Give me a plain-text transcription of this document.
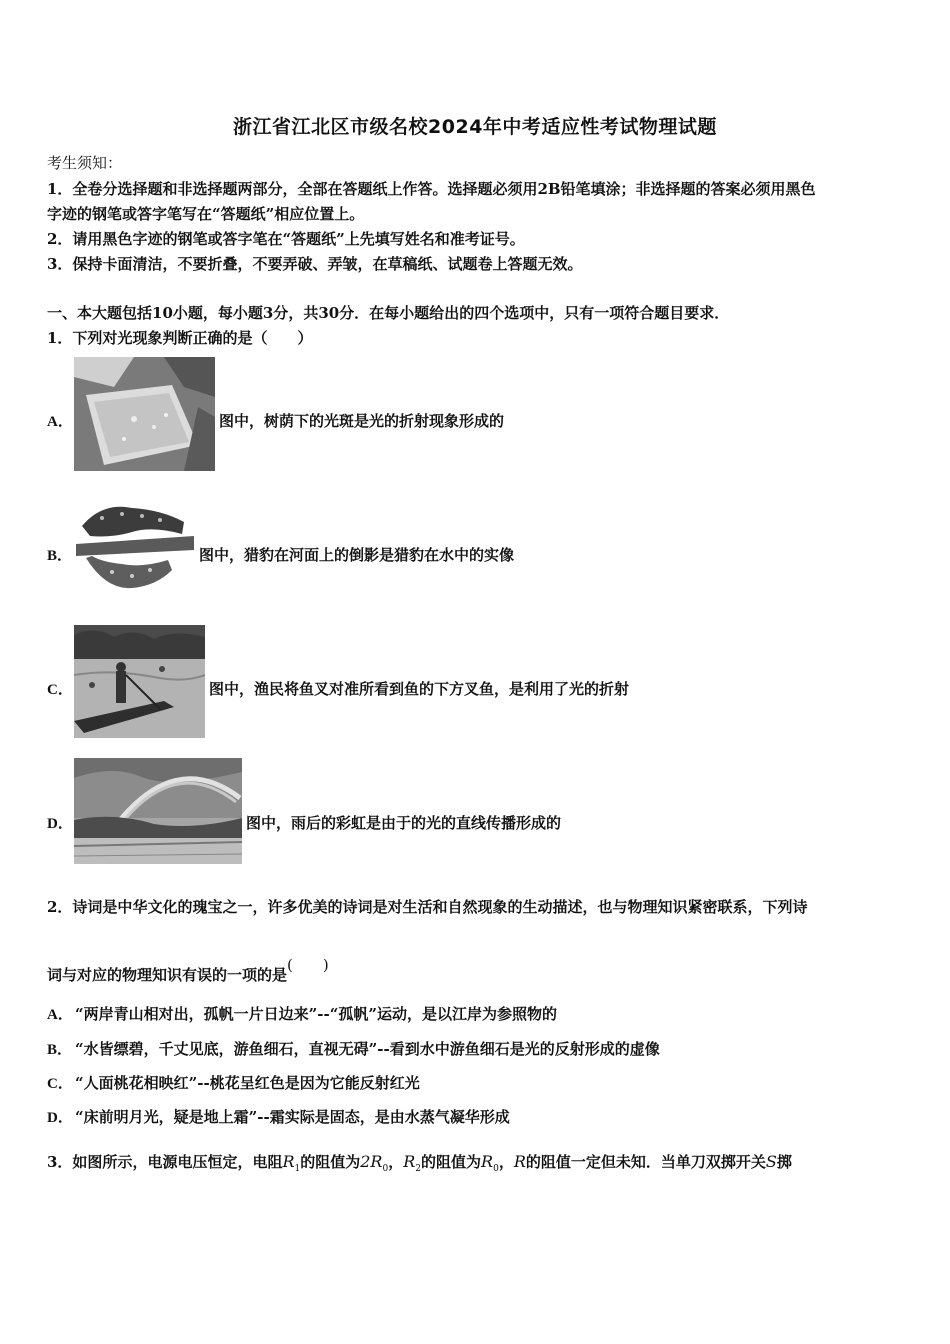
浙江省江北区市级名校2024年中考适应性考试物理试题
考生须知：
1．全卷分选择题和非选择题两部分，全部在答题纸上作答。选择题必须用2B铅笔填涂；非选择题的答案必须用黑色
字迹的钢笔或答字笔写在“答题纸”相应位置上。
2．请用黑色字迹的钢笔或答字笔在“答题纸”上先填写姓名和准考证号。
3．保持卡面清洁，不要折叠，不要弄破、弄皱，在草稿纸、试题卷上答题无效。
一、本大题包括10小题，每小题3分，共30分．在每小题给出的四个选项中，只有一项符合题目要求．
1．下列对光现象判断正确的是（　　）
A．	图中，树荫下的光斑是光的折射现象形成的
B．	图中，猎豹在河面上的倒影是猎豹在水中的实像
C．	图中，渔民将鱼叉对准所看到鱼的下方叉鱼，是利用了光的折射
D．	图中，雨后的彩虹是由于的光的直线传播形成的
2．诗词是中华文化的瑰宝之一，许多优美的诗词是对生活和自然现象的生动描述，也与物理知识紧密联系，下列诗
词与对应的物理知识有误的一项的是(　　)
A． “两岸青山相对出，孤帆一片日边来”--“孤帆”运动，是以江岸为参照物的
B． “水皆缥碧，千丈见底，游鱼细石，直视无碍”--看到水中游鱼细石是光的反射形成的虚像
C． “人面桃花相映红”--桃花呈红色是因为它能反射红光
D． “床前明月光，疑是地上霜”--霜实际是固态，是由水蒸气凝华形成
3．如图所示，电源电压恒定，电阻$R_1$的阻值为$2R_0$，$R_2$的阻值为$R_0$，R的阻值一定但未知．当单刀双掷开关S掷
